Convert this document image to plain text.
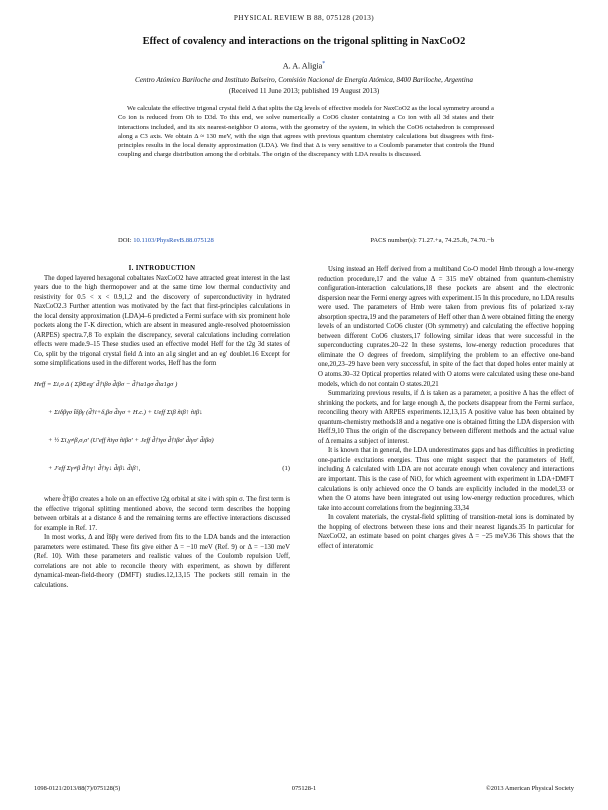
PHYSICAL REVIEW B 88, 075128 (2013)
Effect of covalency and interactions on the trigonal splitting in NaxCoO2
A. A. Aligia*
Centro Atómico Bariloche and Instituto Balseiro, Comisión Nacional de Energía Atómica, 8400 Bariloche, Argentina
(Received 11 June 2013; published 19 August 2013)
We calculate the effective trigonal crystal field Δ that splits the t2g levels of effective models for NaxCoO2 as the local symmetry around a Co ion is reduced from Oh to D3d. To this end, we solve numerically a CoO6 cluster containing a Co ion with all 3d states and their interactions included, and its six nearest-neighbor O atoms, with the geometry of the system, in which the CoO6 octahedron is compressed along a C3 axis. We obtain Δ ≈ 130 meV, with the sign that agrees with previous quantum chemistry calculations but disagrees with first-principles results in the local density approximation (LDA). We find that Δ is very sensitive to a Coulomb parameter that controls the Hund coupling and charge distribution among the d orbitals. The origin of the discrepancy with LDA results is discussed.
DOI: 10.1103/PhysRevB.88.075128	PACS number(s): 71.27.+a, 74.25.Jb, 74.70.−b

I. INTRODUCTION

The doped layered hexagonal cobaltates NaxCoO2 have attracted great interest in the last years due to the high thermopower and at the same time low thermal conductivity and resistivity for 0.5 < x < 0.9,1,2 and the discovery of superconductivity in hydrated NaxCoO2.3 Further attention was motivated by the fact that first-principles calculations in the local density approximation (LDA)4–6 predicted a Fermi surface with six prominent hole pockets along the Γ-K direction, which are absent in measured angle-resolved photoemission (ARPES) spectra.7,8 To explain the discrepancy, several calculations including correlation effects were made.9–15 These studies used an effective model Heff for the t2g 3d states of Co, split by the trigonal crystal field Δ into an a1g singlet and an eg′ doublet.16 Except for some simplifications used in the different works, Heff has the form

Heff = Σi,σ Δ ( Σβ∈eg′ d̃†iβσ d̃iβσ − d̃†ia1gσ d̃ia1gσ )
+ Σiδβγσ t̃δβγ (d̃†i+δ,βσ d̃iγσ + H.c.) + Ueff Σiβ ñiβ↑ ñiβ↓
+ ½ Σi,γ≠β,σ,σ′ (U′eff ñiγσ ñiβσ′ + Jeff d̃†iγσ d̃†iβσ′ d̃iγσ′ d̃iβσ)
+ J′eff Σγ≠β d̃†iγ↑ d̃†iγ↓ d̃iβ↓ d̃iβ↑,	(1)

where d̃†iβσ creates a hole on an effective t2g orbital at site i with spin σ. The first term is the effective trigonal splitting mentioned above, the second term describes the hopping between orbitals at a distance δ and the remaining terms are effective interactions discussed for example in Ref. 17.

In most works, Δ and t̃δβγ were derived from fits to the LDA bands and the interaction parameters were estimated. These fits give either Δ = −10 meV (Ref. 9) or Δ = −130 meV (Ref. 10). With these parameters and realistic values of the Coulomb repulsion Ueff, correlations are not able to reconcile theory with experiment, as shown by different dynamical-mean-field-theory (DMFT) studies.12,13,15 The pockets still remain in the calculations.

Using instead an Heff derived from a multiband Co-O model Hmb through a low-energy reduction procedure,17 and the value Δ = 315 meV obtained from quantum-chemistry configuration-interaction calculations,18 these pockets are absent and the electronic dispersion near the Fermi energy agrees with experiment.15 In this procedure, no LDA results were used. The parameters of Hmb were taken from previous fits of polarized x-ray absorption spectra,19 and the parameters of Heff other than Δ were obtained fitting the energy levels of an undistorted CoO6 cluster (Oh symmetry) and calculating the effective hopping between different CoO6 clusters,17 following similar ideas that were successful in the superconducting cuprates.20–22 In these systems, low-energy reduction procedures that eliminate the O degrees of freedom, simplifying the problem to an effective one-band one,20,23–29 have been very successful, in spite of the fact that doped holes enter mainly at O atoms.30–32 Optical properties related with O atoms were calculated using these one-band models, which do not contain O states.20,21

Summarizing previous results, if Δ is taken as a parameter, a positive Δ has the effect of shrinking the pockets, and for large enough Δ, the pockets disappear from the Fermi surface, reconciling theory with ARPES experiments.12,13,15 A positive value has been obtained by quantum-chemistry methods18 and a negative one is obtained fitting the LDA dispersion with Heff.9,10 Thus the origin of the discrepancy between different methods and the actual value of Δ remains a subject of interest.

It is known that in general, the LDA underestimates gaps and has difficulties in predicting one-particle excitations energies. Thus one might suspect that the parameters of Heff, including Δ calculated with LDA are not accurate enough when covalency and interactions are important. This is the case of NiO, for which agreement with experiment in LDA+DMFT calculations is only achieved once the O bands are explicitly included in the model,33 or when the O atoms have been integrated out using low-energy reduction procedures, which take into account correlations from the beginning.33,34

In covalent materials, the crystal-field splitting of transition-metal ions is dominated by the hopping of electrons between these ions and their nearest ligands.35 In particular for NaxCoO2, an estimate based on point charges gives Δ = −25 meV.36 This shows that the effect of interatomic

1098-0121/2013/88(7)/075128(5)	075128-1	©2013 American Physical Society
